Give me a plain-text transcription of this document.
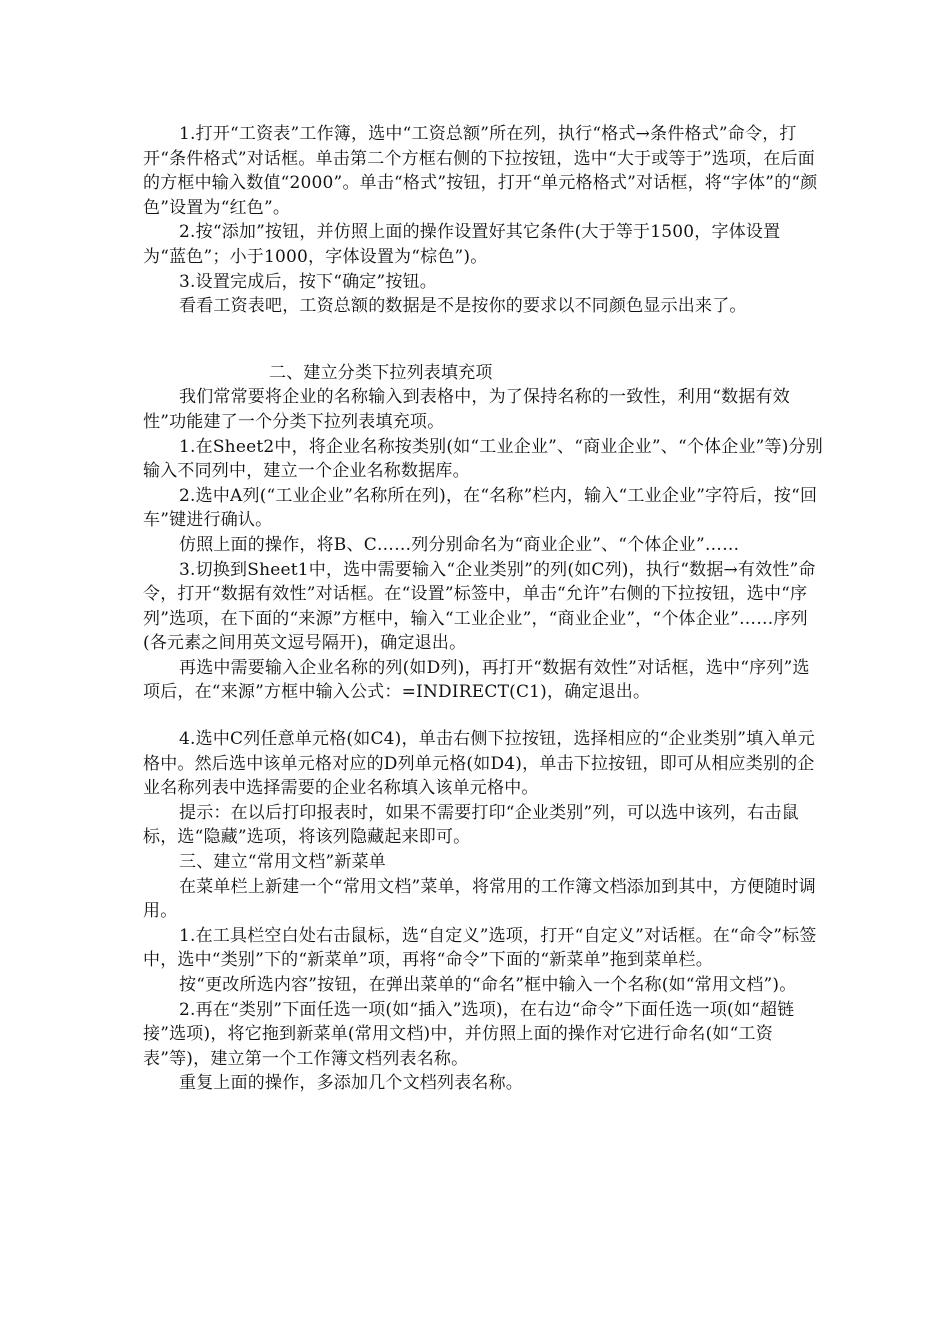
1.打开“工资表”工作簿，选中“工资总额”所在列，执行“格式→条件格式”命令，打开“条件格式”对话框。单击第二个方框右侧的下拉按钮，选中“大于或等于”选项，在后面的方框中输入数值“2000”。单击“格式”按钮，打开“单元格格式”对话框，将“字体”的“颜色”设置为“红色”。

2.按“添加”按钮，并仿照上面的操作设置好其它条件(大于等于1500，字体设置为“蓝色”；小于1000，字体设置为“棕色”)。

3.设置完成后，按下“确定”按钮。

看看工资表吧，工资总额的数据是不是按你的要求以不同颜色显示出来了。

二、建立分类下拉列表填充项

我们常常要将企业的名称输入到表格中，为了保持名称的一致性，利用“数据有效性”功能建了一个分类下拉列表填充项。

1.在Sheet2中，将企业名称按类别(如“工业企业”、“商业企业”、“个体企业”等)分别输入不同列中，建立一个企业名称数据库。

2.选中A列(“工业企业”名称所在列)，在“名称”栏内，输入“工业企业”字符后，按“回车”键进行确认。

仿照上面的操作，将B、C……列分别命名为“商业企业”、“个体企业”……

3.切换到Sheet1中，选中需要输入“企业类别”的列(如C列)，执行“数据→有效性”命令，打开“数据有效性”对话框。在“设置”标签中，单击“允许”右侧的下拉按钮，选中“序列”选项，在下面的“来源”方框中，输入“工业企业”，“商业企业”，“个体企业”……序列(各元素之间用英文逗号隔开)，确定退出。

再选中需要输入企业名称的列(如D列)，再打开“数据有效性”对话框，选中“序列”选项后，在“来源”方框中输入公式：=INDIRECT(C1)，确定退出。

4.选中C列任意单元格(如C4)，单击右侧下拉按钮，选择相应的“企业类别”填入单元格中。然后选中该单元格对应的D列单元格(如D4)，单击下拉按钮，即可从相应类别的企业名称列表中选择需要的企业名称填入该单元格中。

提示：在以后打印报表时，如果不需要打印“企业类别”列，可以选中该列，右击鼠标，选“隐藏”选项，将该列隐藏起来即可。

三、建立“常用文档”新菜单

在菜单栏上新建一个“常用文档”菜单，将常用的工作簿文档添加到其中，方便随时调用。

1.在工具栏空白处右击鼠标，选“自定义”选项，打开“自定义”对话框。在“命令”标签中，选中“类别”下的“新菜单”项，再将“命令”下面的“新菜单”拖到菜单栏。

按“更改所选内容”按钮，在弹出菜单的“命名”框中输入一个名称(如“常用文档”)。

2.再在“类别”下面任选一项(如“插入”选项)，在右边“命令”下面任选一项(如“超链接”选项)，将它拖到新菜单(常用文档)中，并仿照上面的操作对它进行命名(如“工资表”等)，建立第一个工作簿文档列表名称。

重复上面的操作，多添加几个文档列表名称。
